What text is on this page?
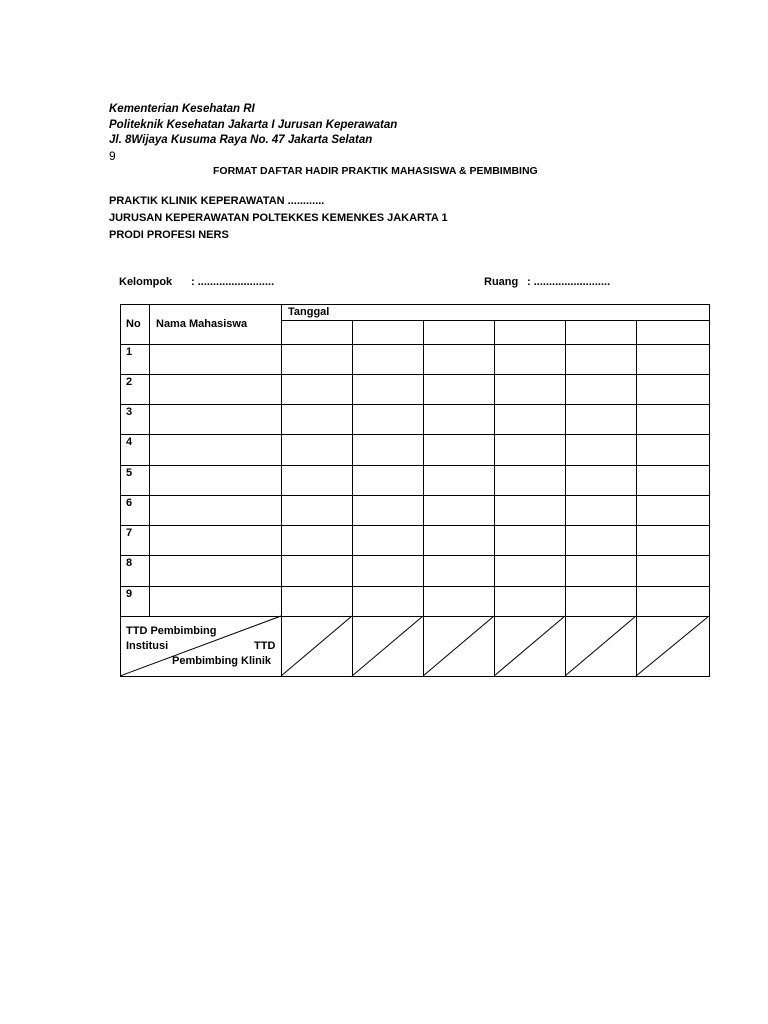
Kementerian Kesehatan RI
Politeknik Kesehatan Jakarta I Jurusan Keperawatan
Jl. 8Wijaya Kusuma Raya No. 47 Jakarta Selatan
9
FORMAT DAFTAR HADIR PRAKTIK MAHASISWA & PEMBIMBING
PRAKTIK KLINIK KEPERAWATAN ............
JURUSAN KEPERAWATAN POLTEKKES KEMENKES JAKARTA 1
PRODI PROFESI NERS
Kelompok : .........................	Ruang : .........................
No Nama Mahasiswa
Tanggal
1
2
3
4
5
6
7
8
9
TTD Pembimbing
Institusi	TTD
Pembimbing Klinik
